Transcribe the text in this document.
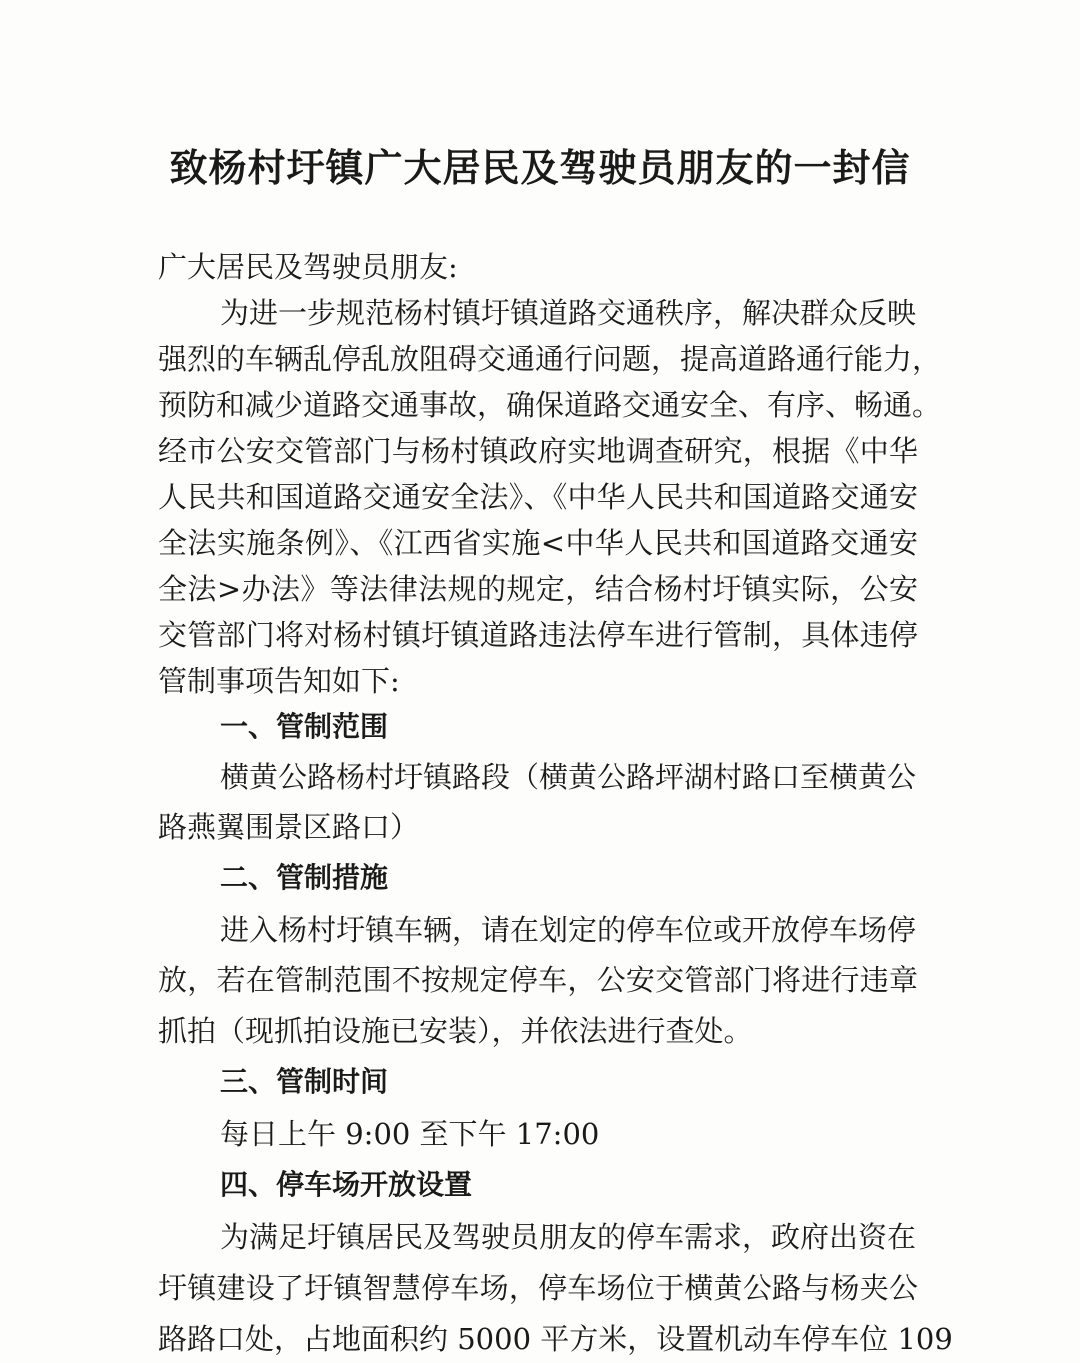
致杨村圩镇广大居民及驾驶员朋友的一封信
广大居民及驾驶员朋友:
为进一步规范杨村镇圩镇道路交通秩序，解决群众反映
强烈的车辆乱停乱放阻碍交通通行问题，提高道路通行能力，
预防和减少道路交通事故，确保道路交通安全、有序、畅通。
经市公安交管部门与杨村镇政府实地调查研究，根据《中华
人民共和国道路交通安全法》、《中华人民共和国道路交通安
全法实施条例》、《江西省实施<中华人民共和国道路交通安
全法>办法》等法律法规的规定，结合杨村圩镇实际，公安
交管部门将对杨村镇圩镇道路违法停车进行管制，具体违停
管制事项告知如下:
一、管制范围
横黄公路杨村圩镇路段（横黄公路坪湖村路口至横黄公
路燕翼围景区路口）
二、管制措施
进入杨村圩镇车辆，请在划定的停车位或开放停车场停
放，若在管制范围不按规定停车，公安交管部门将进行违章
抓拍（现抓拍设施已安装），并依法进行查处。
三、管制时间
每日上午 9:00 至下午 17:00
四、停车场开放设置
为满足圩镇居民及驾驶员朋友的停车需求，政府出资在
圩镇建设了圩镇智慧停车场，停车场位于横黄公路与杨夹公
路路口处，占地面积约 5000 平方米，设置机动车停车位 109
